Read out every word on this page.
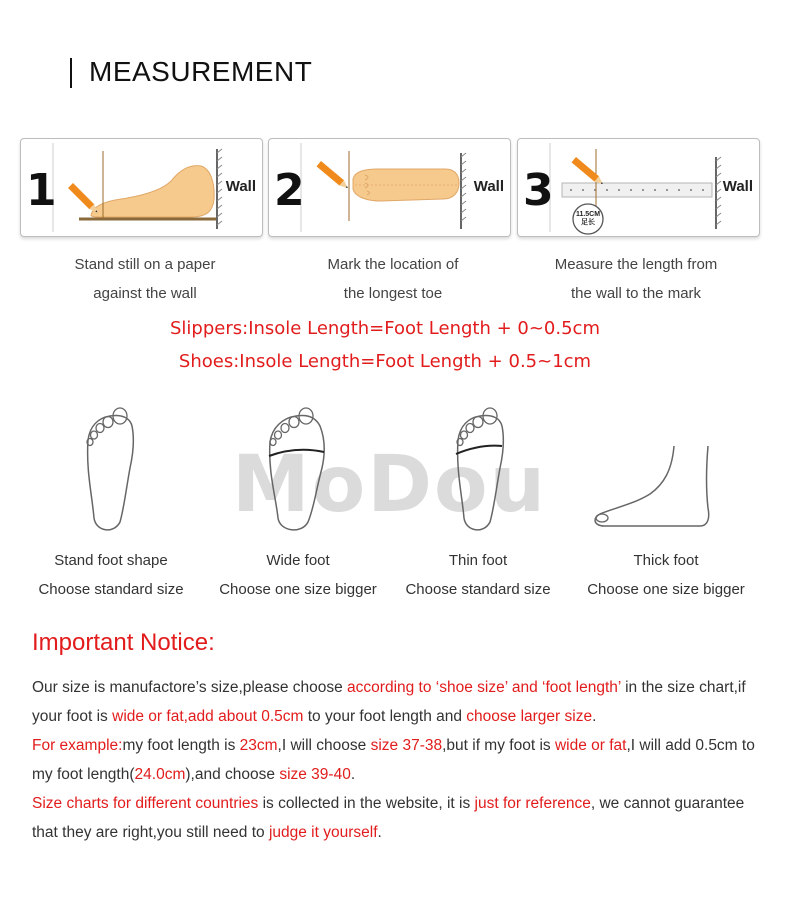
MEASUREMENT
1	Wall 2	Wall
11.5CM
足长
3	Wall
Stand still on a paper
against the wall
Mark the location of
the longest toe
Measure the length from
the wall to the mark
Slippers:Insole Length=Foot Length + 0~0.5cm
Shoes:Insole Length=Foot Length + 0.5~1cm
MoDou
Stand foot shape
Choose standard size
Wide foot
Choose one size bigger
Thin foot
Choose standard size
Thick foot
Choose one size bigger
Important Notice:
Our size is manufactore’s size,please choose according to ‘shoe size’ and ‘foot length’ in the size chart,if your foot is wide or fat,add about 0.5cm to your foot length and choose larger size.
For example:my foot length is 23cm,I will choose size 37-38,but if my foot is wide or fat,I will add 0.5cm to my foot length(24.0cm),and choose size 39-40.
Size charts for different countries is collected in the website, it is just for reference, we cannot guarantee that they are right,you still need to judge it yourself.
